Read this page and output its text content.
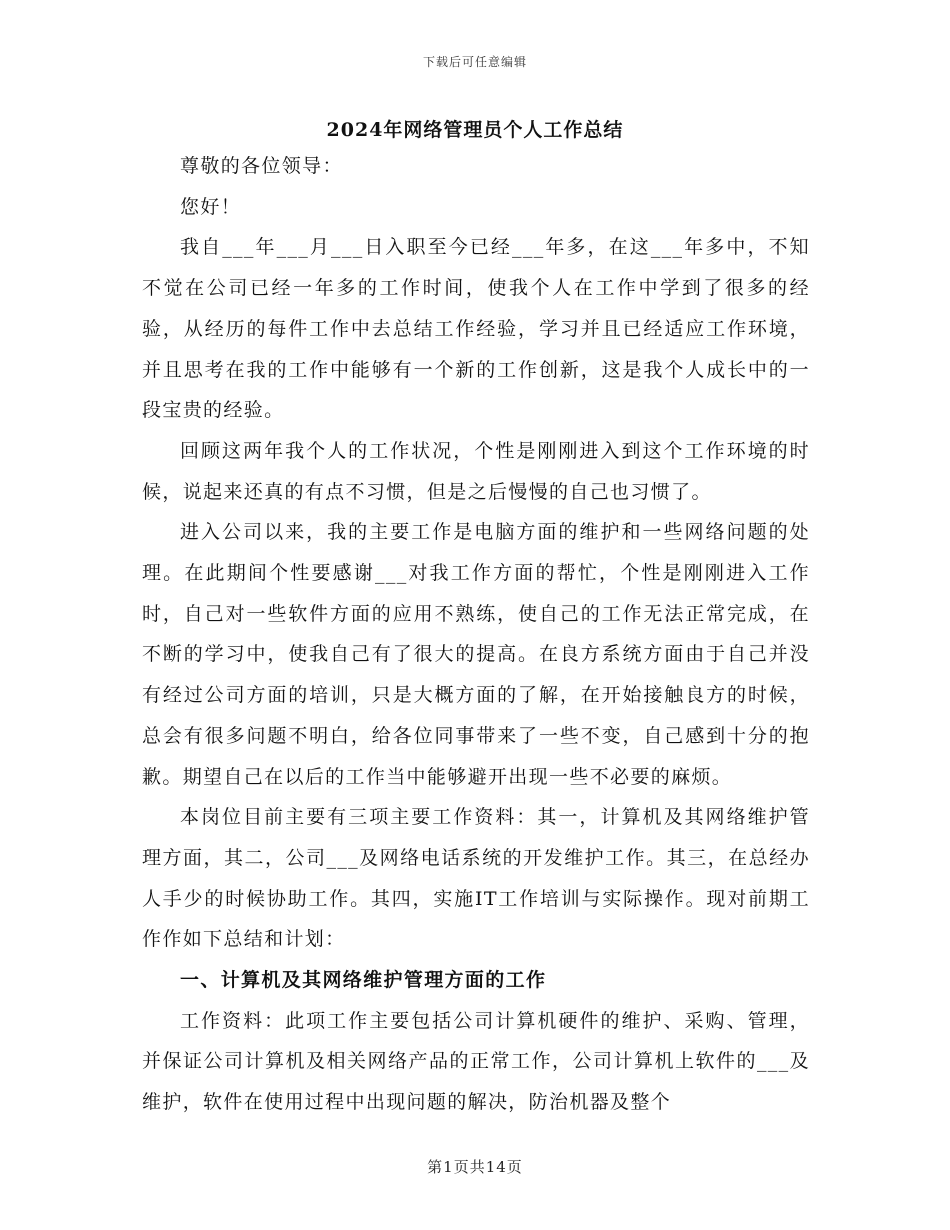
下载后可任意编辑
2024年网络管理员个人工作总结

尊敬的各位领导：

您好！

我自___年___月___日入职至今已经___年多，在这___年多中，不知不觉在公司已经一年多的工作时间，使我个人在工作中学到了很多的经验，从经历的每件工作中去总结工作经验，学习并且已经适应工作环境，并且思考在我的工作中能够有一个新的工作创新，这是我个人成长中的一段宝贵的经验。

回顾这两年我个人的工作状况，个性是刚刚进入到这个工作环境的时候，说起来还真的有点不习惯，但是之后慢慢的自己也习惯了。

进入公司以来，我的主要工作是电脑方面的维护和一些网络问题的处理。在此期间个性要感谢___对我工作方面的帮忙，个性是刚刚进入工作时，自己对一些软件方面的应用不熟练，使自己的工作无法正常完成，在不断的学习中，使我自己有了很大的提高。在良方系统方面由于自己并没有经过公司方面的培训，只是大概方面的了解，在开始接触良方的时候，总会有很多问题不明白，给各位同事带来了一些不变，自己感到十分的抱歉。期望自己在以后的工作当中能够避开出现一些不必要的麻烦。

本岗位目前主要有三项主要工作资料：其一，计算机及其网络维护管理方面，其二，公司___及网络电话系统的开发维护工作。其三，在总经办人手少的时候协助工作。其四，实施IT工作培训与实际操作。现对前期工作作如下总结和计划：

一、计算机及其网络维护管理方面的工作

工作资料：此项工作主要包括公司计算机硬件的维护、采购、管理，并保证公司计算机及相关网络产品的正常工作，公司计算机上软件的___及维护，软件在使用过程中出现问题的解决，防治机器及整个

第1页共14页
